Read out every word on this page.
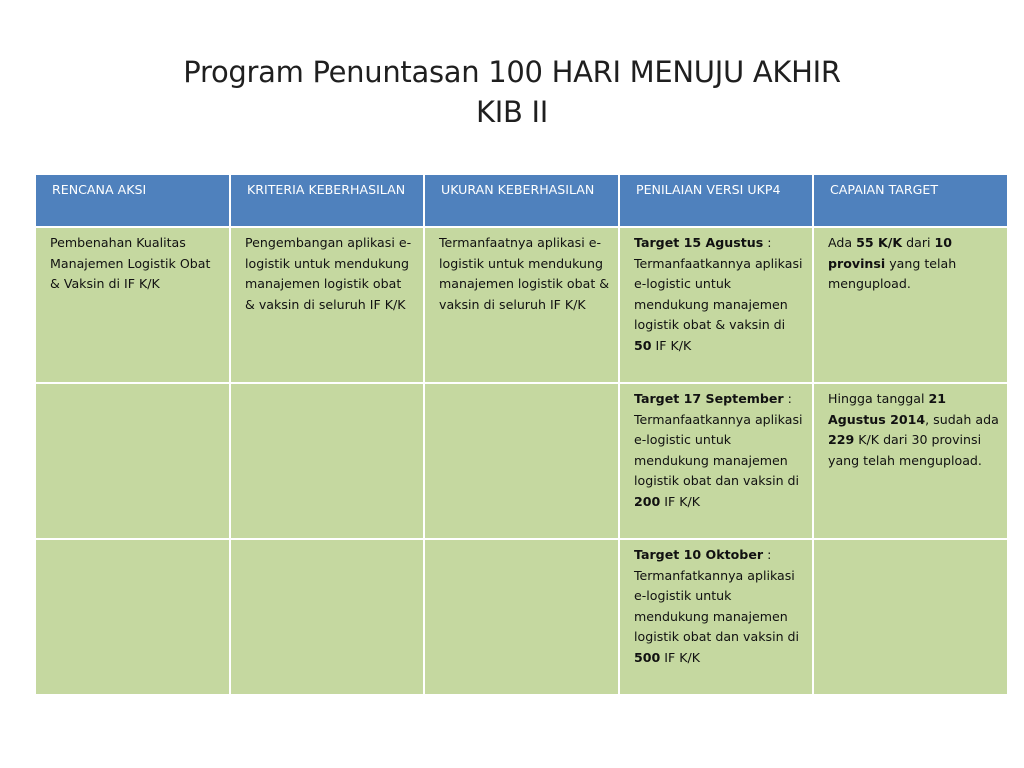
Program Penuntasan 100 HARI MENUJU AKHIR
KIB II
RENCANA AKSI	KRITERIA KEBERHASILAN	UKURAN KEBERHASILAN	PENILAIAN VERSI UKP4	CAPAIAN TARGET
Pembenahan Kualitas Manajemen Logistik Obat & Vaksin di IF K/K	Pengembangan aplikasi e-logistik untuk mendukung manajemen logistik obat & vaksin di seluruh IF K/K	Termanfaatnya aplikasi e-logistik untuk mendukung manajemen logistik obat & vaksin di seluruh IF K/K	Target 15 Agustus : Termanfaatkannya aplikasi e-logistic untuk mendukung manajemen logistik obat & vaksin di 50 IF K/K	Ada 55 K/K dari 10 provinsi yang telah mengupload.
			Target 17 September : Termanfaatkannya aplikasi e-logistic untuk mendukung manajemen logistik obat dan vaksin di 200 IF K/K	Hingga tanggal 21 Agustus 2014, sudah ada 229 K/K dari 30 provinsi yang telah mengupload.
			Target 10 Oktober : Termanfatkannya aplikasi e-logistik untuk mendukung manajemen logistik obat dan vaksin di 500 IF K/K	
